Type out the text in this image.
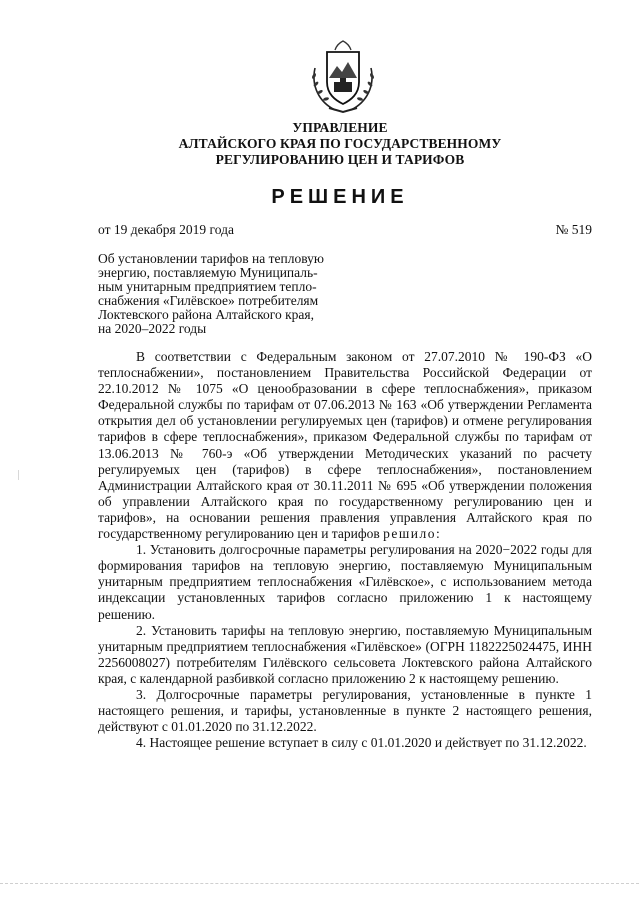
УПРАВЛЕНИЕ
АЛТАЙСКОГО КРАЯ ПО ГОСУДАРСТВЕННОМУ
РЕГУЛИРОВАНИЮ ЦЕН И ТАРИФОВ
РЕШЕНИЕ
от 19 декабря 2019 года	№ 519
Об установлении тарифов на тепловую
энергию, поставляемую Муниципаль-
ным унитарным предприятием тепло-
снабжения «Гилёвское» потребителям
Локтевского района Алтайского края,
на 2020–2022 годы

В соответствии с Федеральным законом от 27.07.2010 № 190-ФЗ «О теплоснабжении», постановлением Правительства Российской Федерации от 22.10.2012 № 1075 «О ценообразовании в сфере теплоснабжения», приказом Федеральной службы по тарифам от 07.06.2013 № 163 «Об утверждении Регламента открытия дел об установлении регулируемых цен (тарифов) и отмене регулирования тарифов в сфере теплоснабжения», приказом Федеральной службы по тарифам от 13.06.2013 № 760-э «Об утверждении Методических указаний по расчету регулируемых цен (тарифов) в сфере теплоснабжения», постановлением Администрации Алтайского края от 30.11.2011 № 695 «Об утверждении положения об управлении Алтайского края по государственному регулированию цен и тарифов», на основании решения правления управления Алтайского края по государственному регулированию цен и тарифов решило:

1. Установить долгосрочные параметры регулирования на 2020−2022 годы для формирования тарифов на тепловую энергию, поставляемую Муниципальным унитарным предприятием теплоснабжения «Гилёвское», с использованием метода индексации установленных тарифов согласно приложению 1 к настоящему решению.

2. Установить тарифы на тепловую энергию, поставляемую Муниципальным унитарным предприятием теплоснабжения «Гилёвское» (ОГРН 1182225024475, ИНН 2256008027) потребителям Гилёвского сельсовета Локтевского района Алтайского края, с календарной разбивкой согласно приложению 2 к настоящему решению.

3. Долгосрочные параметры регулирования, установленные в пункте 1 настоящего решения, и тарифы, установленные в пункте 2 настоящего решения, действуют с 01.01.2020 по 31.12.2022.

4. Настоящее решение вступает в силу с 01.01.2020 и действует по 31.12.2022.
